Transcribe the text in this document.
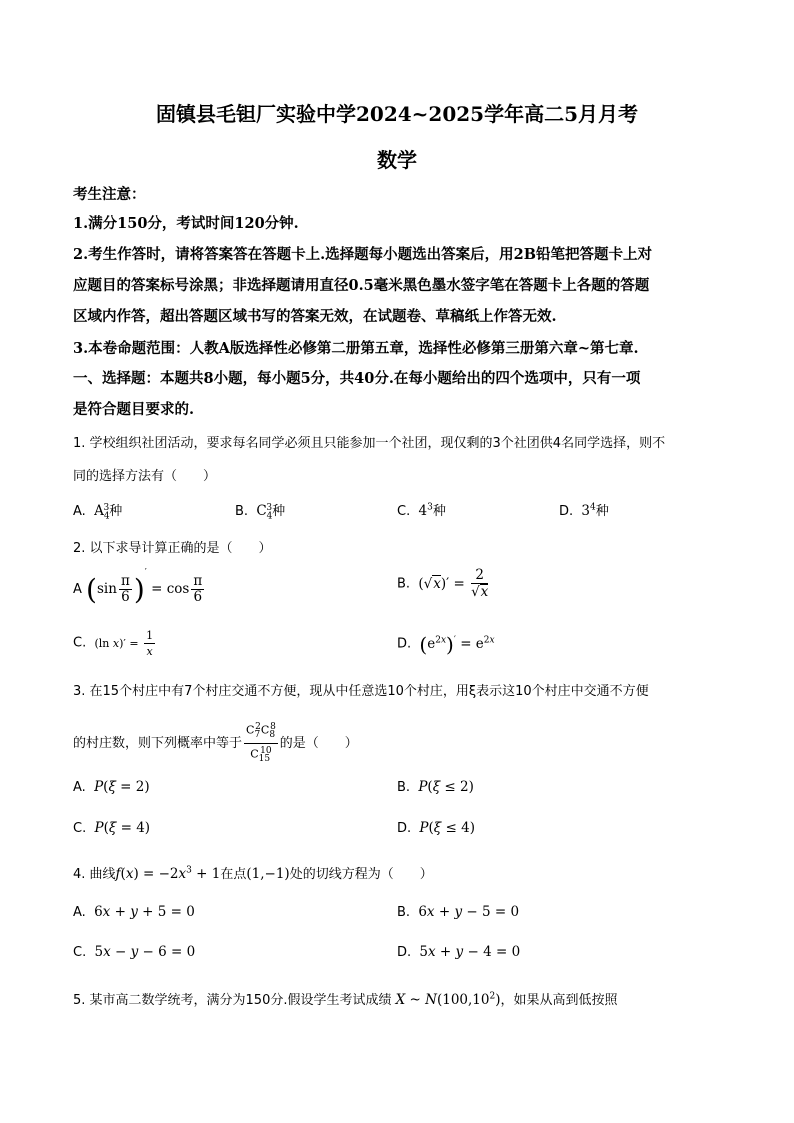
固镇县毛钽厂实验中学2024~2025学年高二5月月考
数学
考生注意：
1.满分150分，考试时间120分钟.
2.考生作答时，请将答案答在答题卡上.选择题每小题选出答案后，用2B铅笔把答题卡上对
应题目的答案标号涂黑；非选择题请用直径0.5毫米黑色墨水签字笔在答题卡上各题的答题
区域内作答，超出答题区域书写的答案无效，在试题卷、草稿纸上作答无效.
3.本卷命题范围：人教A版选择性必修第二册第五章，选择性必修第三册第六章~第七章.
一、选择题：本题共8小题，每小题5分，共40分.在每小题给出的四个选项中，只有一项
是符合题目要求的.
1. 学校组织社团活动，要求每名同学必须且只能参加一个社团，现仅剩的3个社团供4名同学选择，则不
同的选择方法有（　　）
A. $A_4^3$种	B. $C_4^3$种	C. $4^3$种	D. $3^4$种
2. 以下求导计算正确的是（　　）
A $(\sin \frac{\pi}{6} )' = \cos \frac{\pi}{6}$	B. $(√x)' = \frac{2}{√x}$
C. (ln $x)' = \frac{1}{x}$	D. $(e^{2x})' = e^{2x}$
3. 在15个村庄中有7个村庄交通不方便，现从中任意选10个村庄，用ξ表示这10个村庄中交通不方便
的村庄数，则下列概率中等于 $\frac{C_7^2C_8^8}{C_{15}^{10}}$ 的是（　　）
A. P(ξ = 2)	B. P(ξ ≤ 2)
C. P(ξ = 4)	D. P(ξ ≤ 4)
4. 曲线$f(x) = -2x^3 + 1$在点(1,−1)处的切线方程为（　　）
A. 6x + y + 5 = 0	B. 6x + y − 5 = 0
C. 5x − y − 6 = 0	D. 5x + y − 4 = 0
5. 某市高二数学统考，满分为150分.假设学生考试成绩 X ~ N(100,10$^2$)，如果从高到低按照
